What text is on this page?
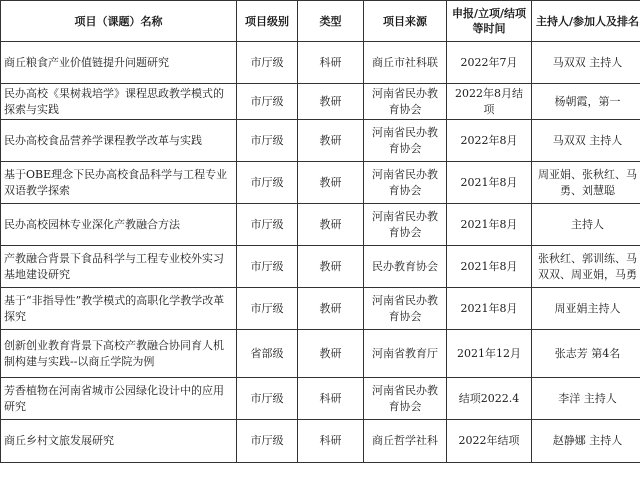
项目（课题）名称	项目级别	类型	项目来源	申报/立项/结项等时间	主持人/参加人及排名
商丘粮食产业价值链提升问题研究	市厅级	科研	商丘市社科联	2022年7月	马双双 主持人
民办高校《果树栽培学》课程思政教学模式的探索与实践	市厅级	教研	河南省民办教育协会	2022年8月结项	杨朝霞，第一
民办高校食品营养学课程教学改革与实践	市厅级	教研	河南省民办教育协会	2022年8月	马双双 主持人
基于OBE理念下民办高校食品科学与工程专业双语教学探索	市厅级	教研	河南省民办教育协会	2021年8月	周亚娟、张秋红、马勇、刘慧聪
民办高校园林专业深化产教融合方法	市厅级	教研	河南省民办教育协会	2021年8月	主持人
产教融合背景下食品科学与工程专业校外实习基地建设研究	市厅级	教研	民办教育协会	2021年8月	张秋红、郭训练、马双双、周亚娟，马勇
基于“非指导性”教学模式的高职化学教学改革探究	市厅级	教研	河南省民办教育协会	2021年8月	周亚娟主持人
创新创业教育背景下高校产教融合协同育人机制构建与实践--以商丘学院为例	省部级	教研	河南省教育厅	2021年12月	张志芳 第4名
芳香植物在河南省城市公园绿化设计中的应用研究	市厅级	科研	河南省民办教育协会	结项2022.4	李洋 主持人
商丘乡村文旅发展研究	市厅级	科研	商丘哲学社科	2022年结项	赵静娜 主持人
